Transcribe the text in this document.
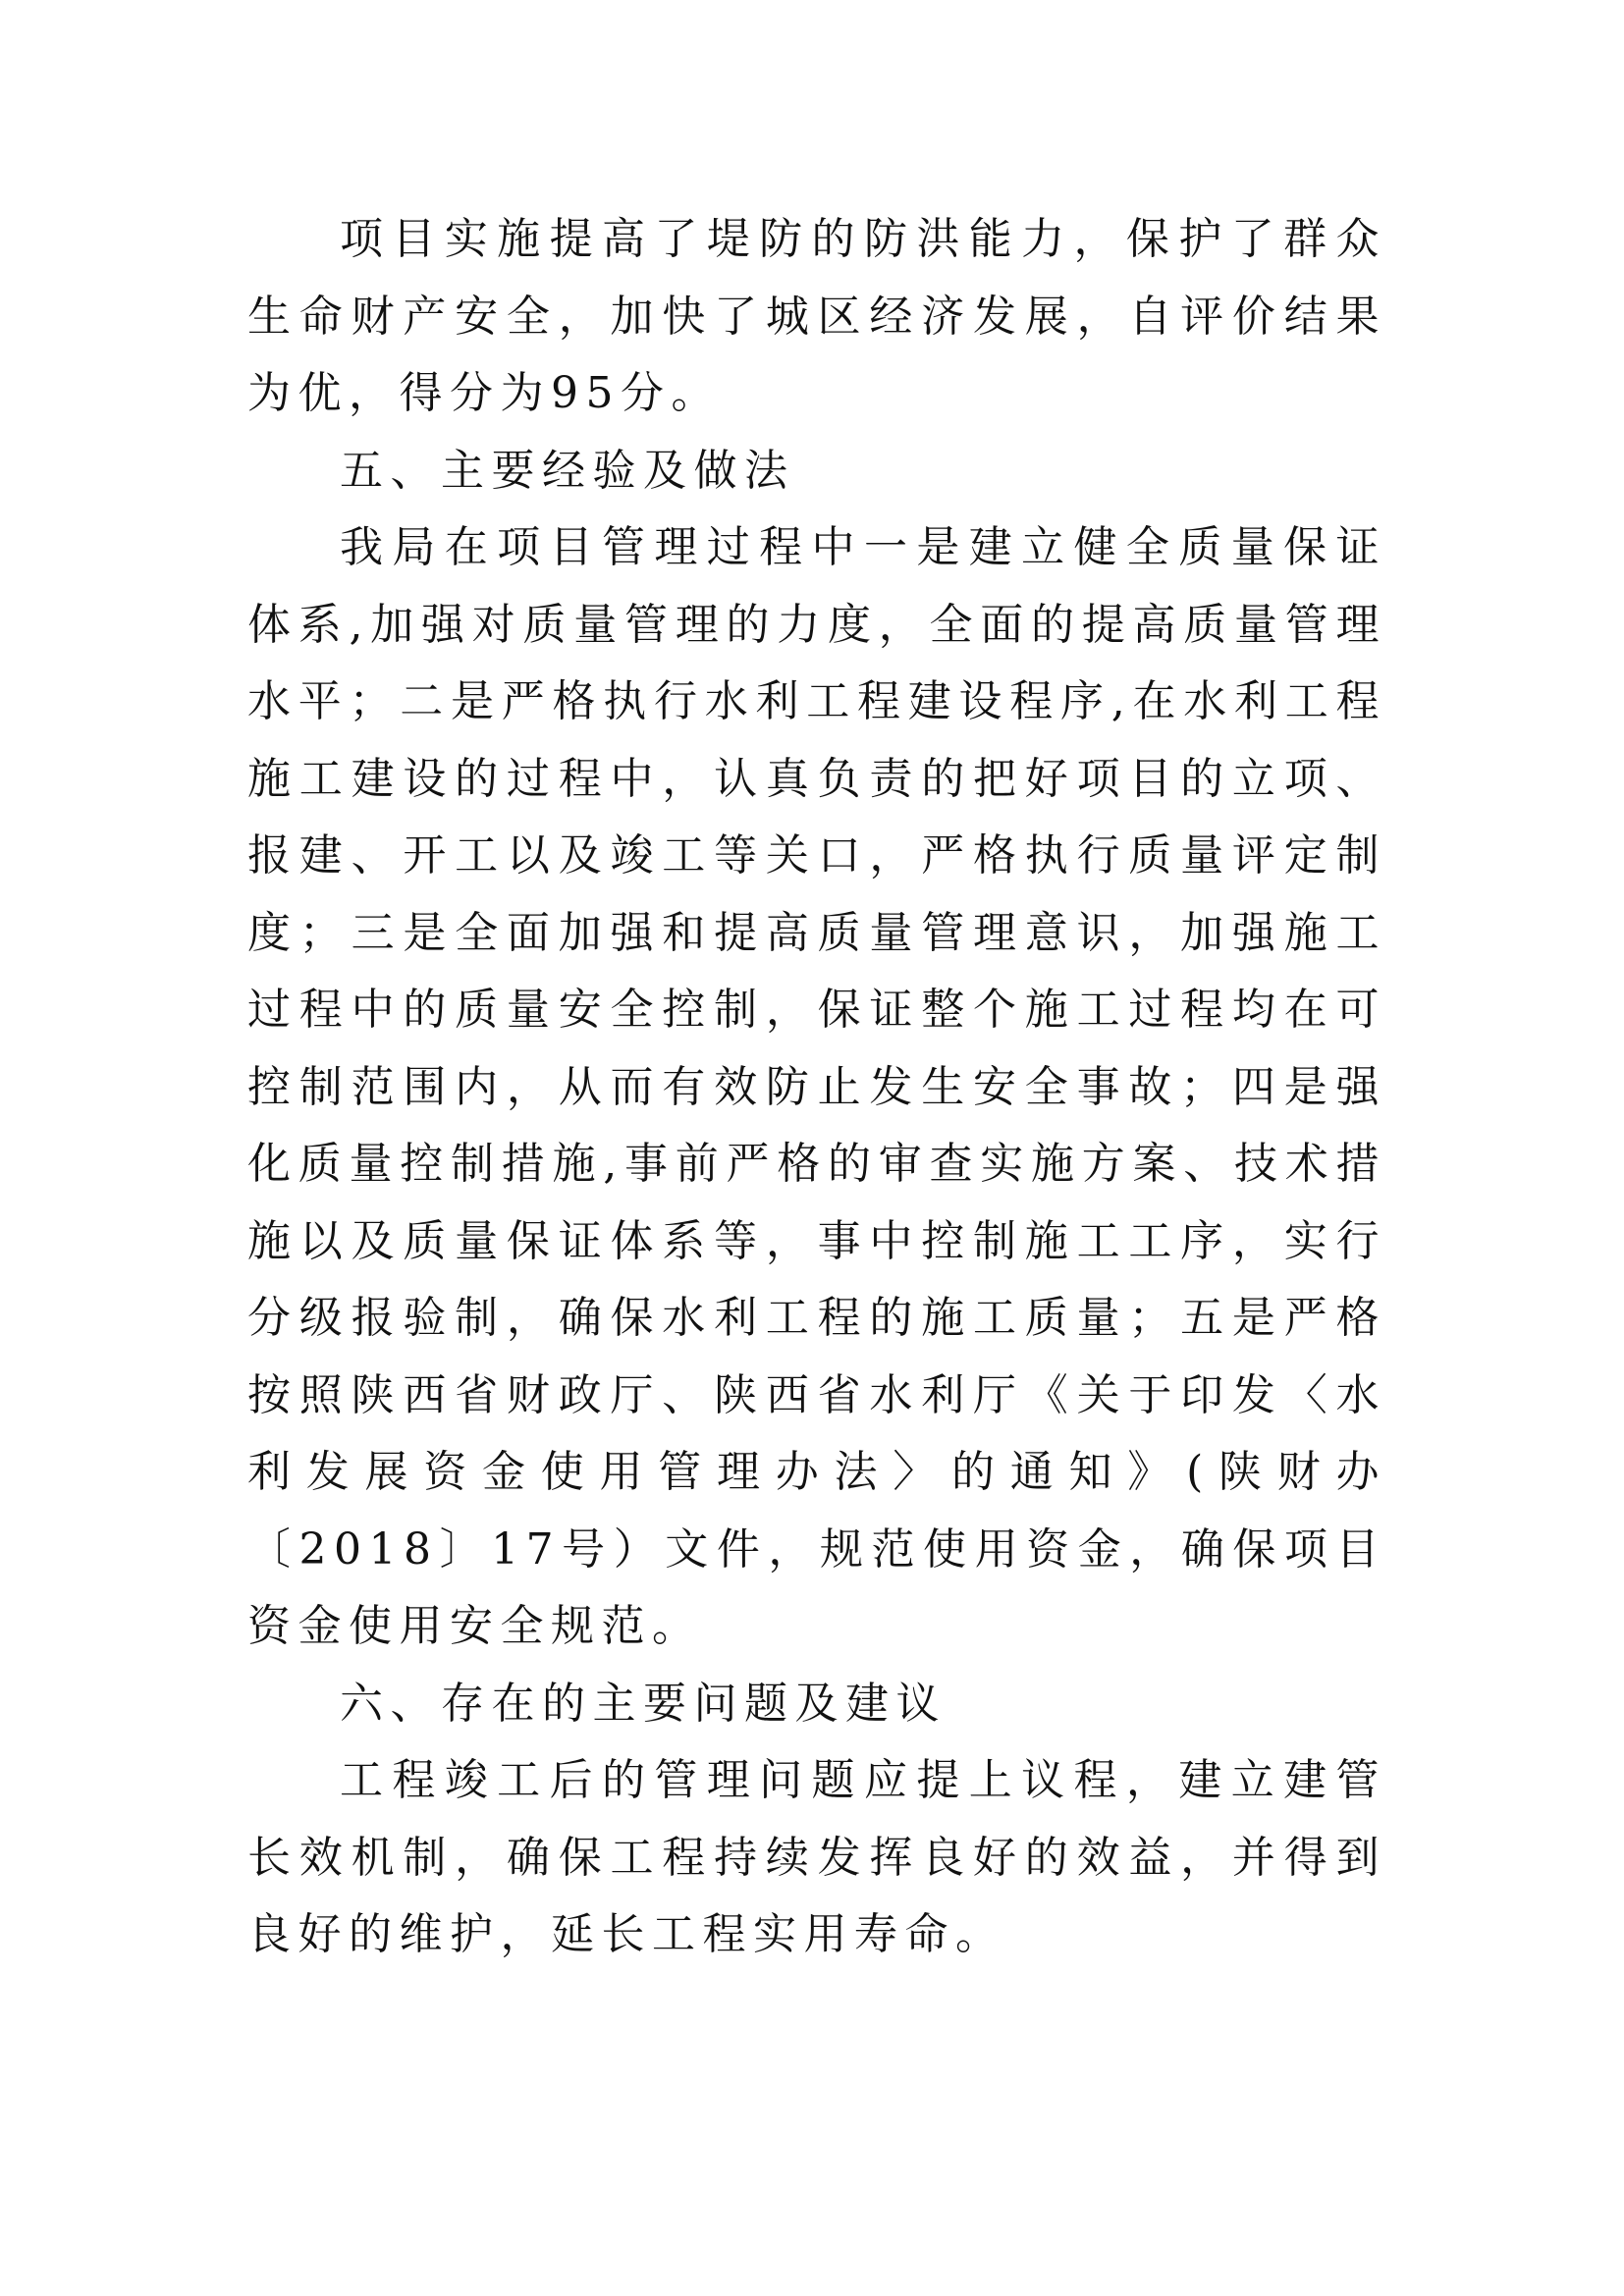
项目实施提高了堤防的防洪能力，保护了群众生命财产安全，加快了城区经济发展，自评价结果为优，得分为95分。

五、主要经验及做法

我局在项目管理过程中一是建立健全质量保证体系,加强对质量管理的力度，全面的提高质量管理水平；二是严格执行水利工程建设程序,在水利工程施工建设的过程中，认真负责的把好项目的立项、报建、开工以及竣工等关口，严格执行质量评定制度；三是全面加强和提高质量管理意识，加强施工过程中的质量安全控制，保证整个施工过程均在可控制范围内，从而有效防止发生安全事故；四是强化质量控制措施,事前严格的审查实施方案、技术措施以及质量保证体系等，事中控制施工工序，实行分级报验制，确保水利工程的施工质量；五是严格按照陕西省财政厅、陕西省水利厅《关于印发〈水利发展资金使用管理办法〉的通知》(陕财办〔2018〕17号）文件，规范使用资金，确保项目资金使用安全规范。

六、存在的主要问题及建议

工程竣工后的管理问题应提上议程，建立建管长效机制，确保工程持续发挥良好的效益，并得到良好的维护，延长工程实用寿命。
